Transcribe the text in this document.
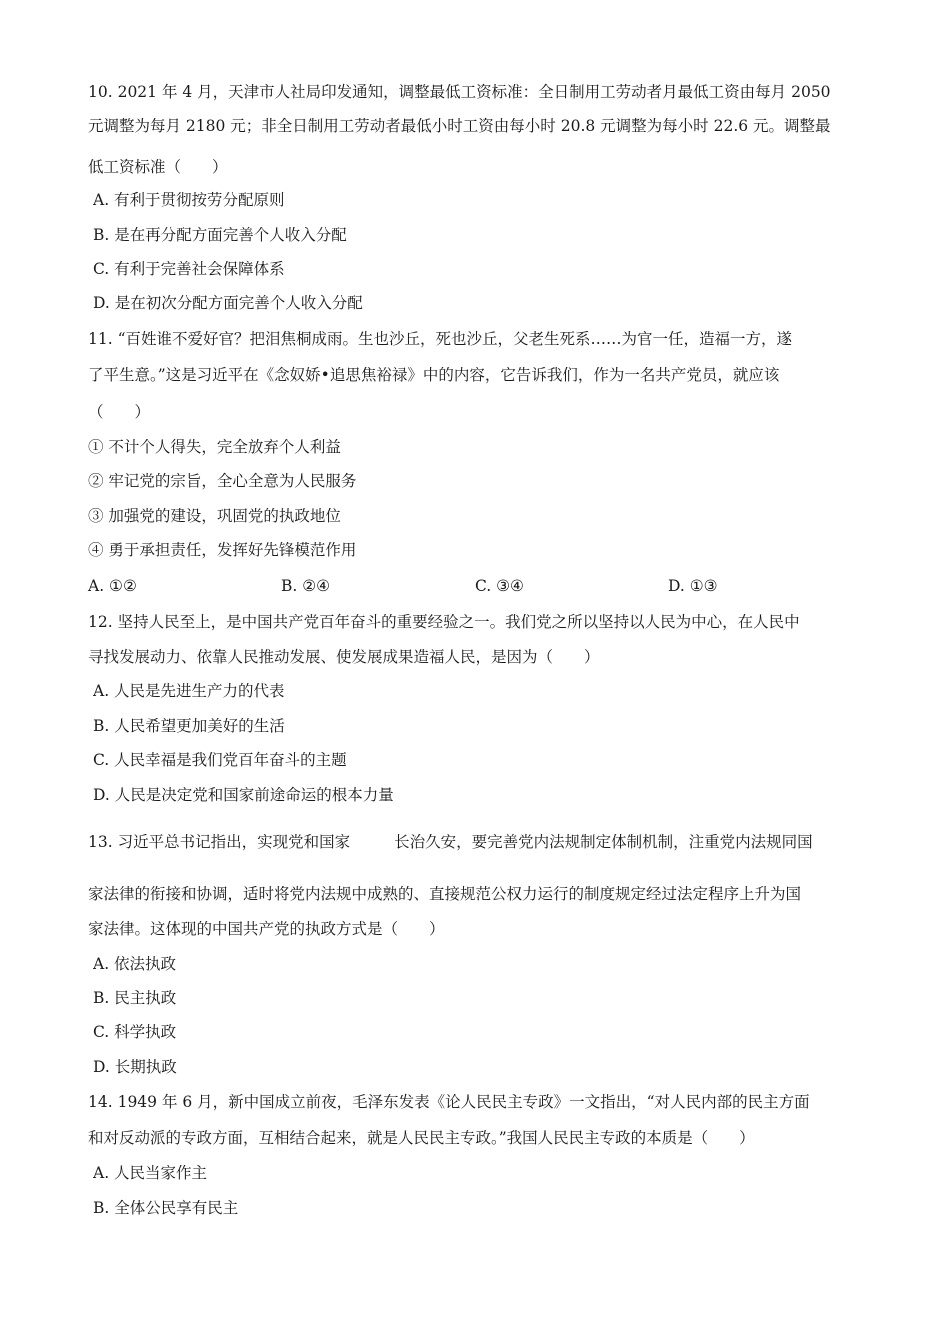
10. 2021 年 4 月，天津市人社局印发通知，调整最低工资标准：全日制用工劳动者月最低工资由每月 2050
元调整为每月 2180 元；非全日制用工劳动者最低小时工资由每小时 20.8 元调整为每小时 22.6 元。调整最
低工资标准（　　）
A. 有利于贯彻按劳分配原则
B. 是在再分配方面完善个人收入分配
C. 有利于完善社会保障体系
D. 是在初次分配方面完善个人收入分配
11. “百姓谁不爱好官？把泪焦桐成雨。生也沙丘，死也沙丘，父老生死系……为官一任，造福一方，遂
了平生意。”这是习近平在《念奴娇•追思焦裕禄》中的内容，它告诉我们，作为一名共产党员，就应该
（　　）
① 不计个人得失，完全放弃个人利益
② 牢记党的宗旨，全心全意为人民服务
③ 加强党的建设，巩固党的执政地位
④ 勇于承担责任，发挥好先锋模范作用
A. ①②	B. ②④	C. ③④	D. ①③
12. 坚持人民至上，是中国共产党百年奋斗的重要经验之一。我们党之所以坚持以人民为中心，在人民中
寻找发展动力、依靠人民推动发展、使发展成果造福人民，是因为（　　）
A. 人民是先进生产力的代表
B. 人民希望更加美好的生活
C. 人民幸福是我们党百年奋斗的主题
D. 人民是决定党和国家前途命运的根本力量
13. 习近平总书记指出，实现党和国家	长治久安，要完善党内法规制定体制机制，注重党内法规同国
家法律的衔接和协调，适时将党内法规中成熟的、直接规范公权力运行的制度规定经过法定程序上升为国
家法律。这体现的中国共产党的执政方式是（　　）
A. 依法执政
B. 民主执政
C. 科学执政
D. 长期执政
14. 1949 年 6 月，新中国成立前夜，毛泽东发表《论人民民主专政》一文指出，“对人民内部的民主方面
和对反动派的专政方面，互相结合起来，就是人民民主专政。”我国人民民主专政的本质是（　　）
A. 人民当家作主
B. 全体公民享有民主
